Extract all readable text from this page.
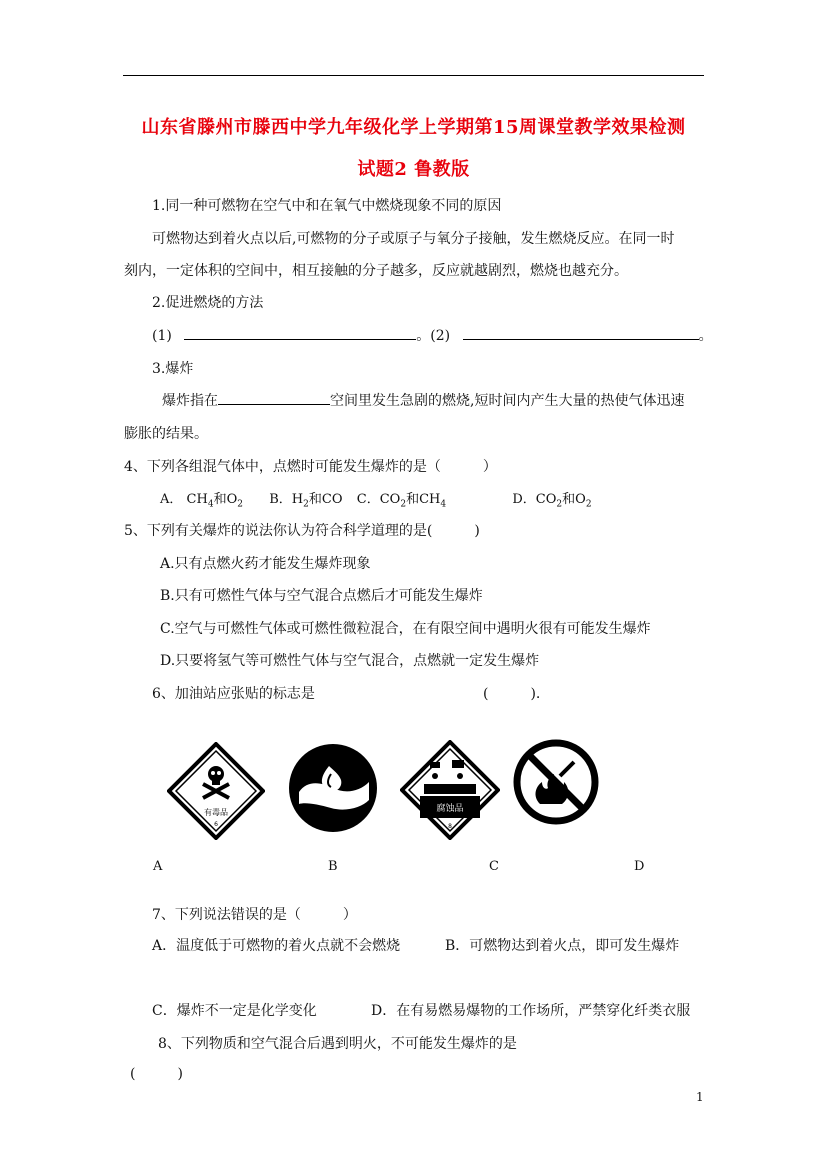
山东省滕州市滕西中学九年级化学上学期第15周课堂教学效果检测
试题2 鲁教版
1.同一种可燃物在空气中和在氧气中燃烧现象不同的原因
可燃物达到着火点以后,可燃物的分子或原子与氧分子接触，发生燃烧反应。在同一时
刻内，一定体积的空间中，相互接触的分子越多，反应就越剧烈，燃烧也越充分。
2.促进燃烧的方法
(1)	。(2)	。
3.爆炸
爆炸指在	空间里发生急剧的燃烧,短时间内产生大量的热使气体迅速
膨胀的结果。
4、下列各组混气体中，点燃时可能发生爆炸的是（　　　）
A． $CH_4$和$O_2$ B．$H_2$和CO C．$CO_2$和$CH_4$	D．$CO_2$和$O_2$
5、下列有关爆炸的说法你认为符合科学道理的是(　　　)
A.只有点燃火药才能发生爆炸现象
B.只有可燃性气体与空气混合点燃后才可能发生爆炸
C.空气与可燃性气体或可燃性微粒混合，在有限空间中遇明火很有可能发生爆炸
D.只要将氢气等可燃性气体与空气混合，点燃就一定发生爆炸
6、加油站应张贴的标志是	(　　　).
有毒品
6
腐蚀品
8
A	B	C	D
7、下列说法错误的是（　　　）
A．温度低于可燃物的着火点就不会燃烧	B．可燃物达到着火点，即可发生爆炸
C．爆炸不一定是化学变化	D．在有易燃易爆物的工作场所，严禁穿化纤类衣服
8、下列物质和空气混合后遇到明火，不可能发生爆炸的是
(　　　)
1
